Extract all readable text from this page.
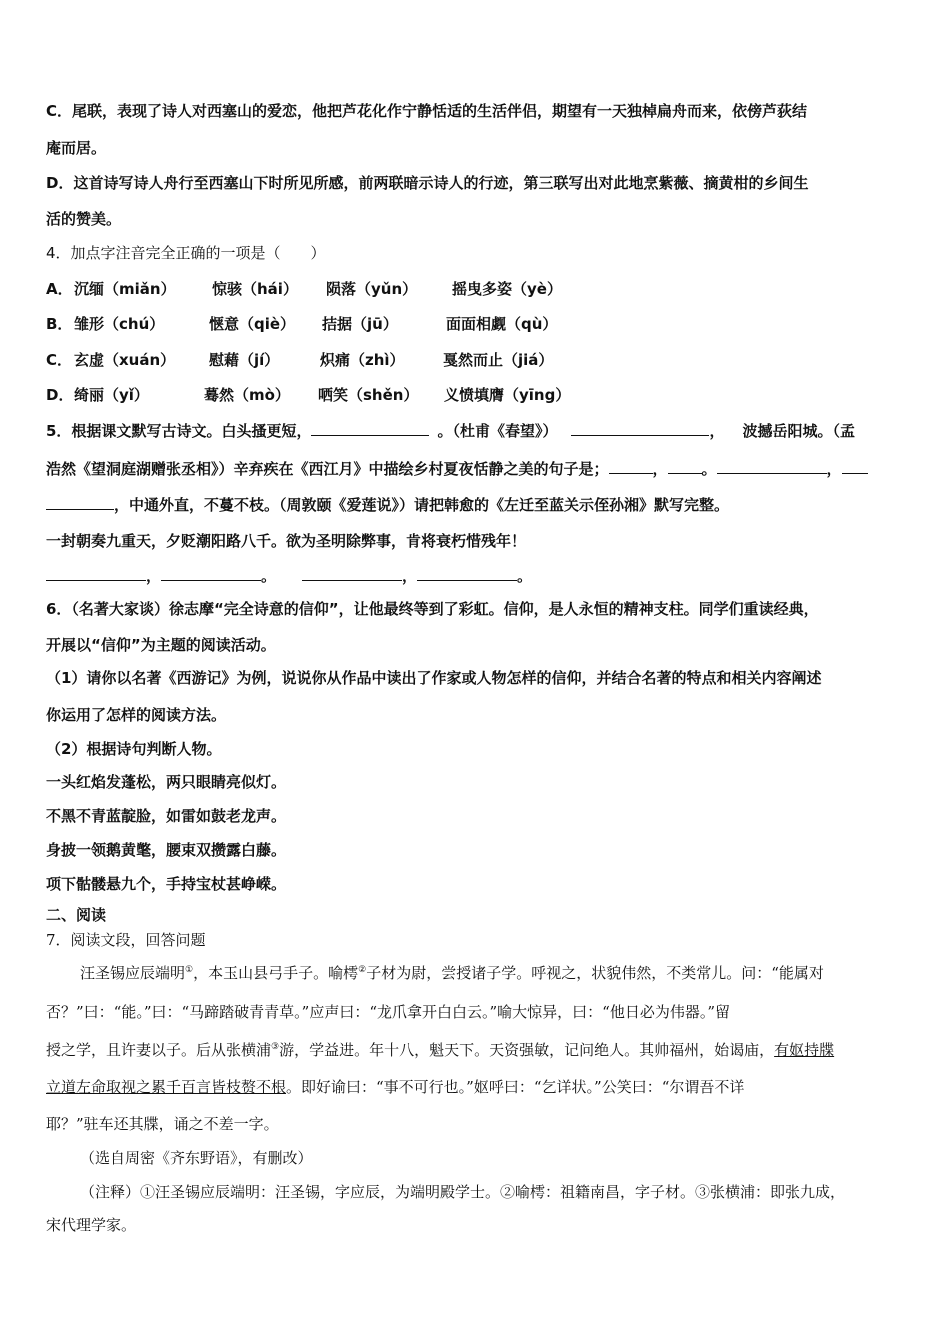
C．尾联，表现了诗人对西塞山的爱恋，他把芦花化作宁静恬适的生活伴侣，期望有一天独棹扁舟而来，依傍芦荻结
庵而居。
D．这首诗写诗人舟行至西塞山下时所见所感，前两联暗示诗人的行迹，第三联写出对此地烹紫薇、摘黄柑的乡间生
活的赞美。
4．加点字注音完全正确的一项是（　　）
A．沉缅（miǎn） 惊骇（hái） 陨落（yǔn） 摇曳多姿（yè）
B． 雏形（chú）	惬意（qiè） 拮据（jū）	面面相觑（qù）
C． 玄虚（xuán） 慰藉（jí）	炽痛（zhì）	戛然而止（jiá）
D．绮丽（yǐ）	蓦然（mò） 哂笑（shěn） 义愤填膺（yīng）
5．根据课文默写古诗文。白头搔更短，	。（杜甫《春望》）	， 波撼岳阳城。（孟
浩然《望洞庭湖赠张丞相》）辛弃疾在《西江月》中描绘乡村夏夜恬静之美的句子是；	， 。	，
，中通外直，不蔓不枝。（周敦颐《爱莲说》）请把韩愈的《左迁至蓝关示侄孙湘》默写完整。
一封朝奏九重天，夕贬潮阳路八千。欲为圣明除弊事，肯将衰朽惜残年！
，	。	，	。
6．（名著大家谈）徐志摩“完全诗意的信仰”，让他最终等到了彩虹。信仰，是人永恒的精神支柱。同学们重读经典，
开展以“信仰”为主题的阅读活动。
（1）请你以名著《西游记》为例，说说你从作品中读出了作家或人物怎样的信仰，并结合名著的特点和相关内容阐述
你运用了怎样的阅读方法。
（2）根据诗句判断人物。
一头红焰发蓬松，两只眼睛亮似灯。
不黑不青蓝靛脸，如雷如鼓老龙声。
身披一领鹅黄氅，腰束双攒露白藤。
项下骷髅悬九个，手持宝杖甚峥嵘。
二、阅读
7．阅读文段，回答问题
汪圣锡应辰端明①，本玉山县弓手子。喻樗②子材为尉，尝授诸子学。呼视之，状貌伟然，不类常儿。问：“能属对
否？”曰：“能。”曰：“马蹄踏破青青草。”应声曰：“龙爪拿开白白云。”喻大惊异，曰：“他日必为伟器。”留
授之学，且许妻以子。后从张横浦③游，学益进。年十八，魁天下。天资强敏，记问绝人。其帅福州，始谒庙，有妪持牒
立道左命取视之累千百言皆枝赘不根。即好谕曰：“事不可行也。”妪呼曰：“乞详状。”公笑曰：“尔谓吾不详
耶？”驻车还其牒，诵之不差一字。
（选自周密《齐东野语》，有删改）
（注释）①汪圣锡应辰端明：汪圣锡，字应辰，为端明殿学士。②喻樗：祖籍南昌，字子材。③张横浦：即张九成，
宋代理学家。
